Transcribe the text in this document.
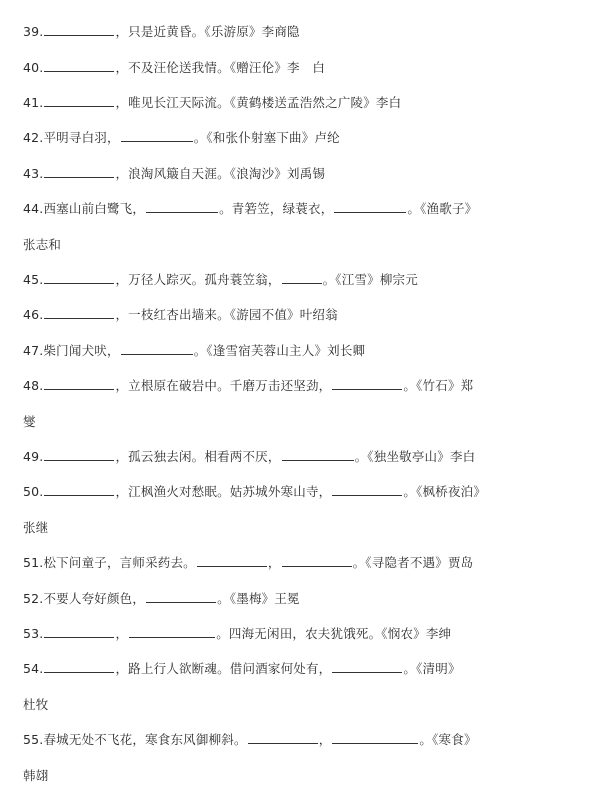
39.	，只是近黄昏。《乐游原》李商隐
40.	，不及汪伦送我情。《赠汪伦》李　白
41.	，唯见长江天际流。《黄鹤楼送孟浩然之广陵》李白
42.平明寻白羽，	。《和张仆射塞下曲》卢纶
43.	，浪淘风簸自天涯。《浪淘沙》刘禹锡
44.西塞山前白鹭飞，	。青箬笠，绿蓑衣，	。《渔歌子》
张志和
45.	，万径人踪灭。孤舟蓑笠翁，	。《江雪》柳宗元
46.	，一枝红杏出墙来。《游园不值》叶绍翁
47.柴门闻犬吠，	。《逢雪宿芙蓉山主人》刘长卿
48.	，立根原在破岩中。千磨万击还坚劲，	。《竹石》郑
燮
49.	，孤云独去闲。相看两不厌，	。《独坐敬亭山》李白
50.	，江枫渔火对愁眠。姑苏城外寒山寺，	。《枫桥夜泊》
张继
51.松下问童子，言师采药去。	，	。《寻隐者不遇》贾岛
52.不要人夸好颜色，	。《墨梅》王冕
53.	，	。四海无闲田，农夫犹饿死。《悯农》李绅
54.	，路上行人欲断魂。借问酒家何处有，	。《清明》
杜牧
55.春城无处不飞花，寒食东风御柳斜。	，	。《寒食》
韩翃
